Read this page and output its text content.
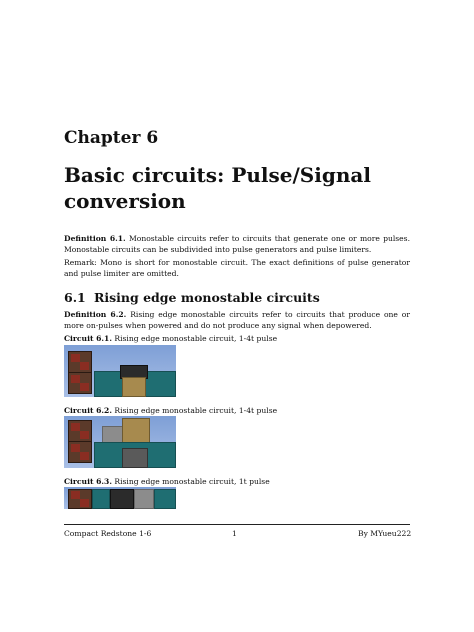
Chapter 6
Basic circuits: Pulse/Signal conversion
Definition 6.1. Monostable circuits refer to circuits that generate one or more pulses. Monostable circuits can be subdivided into pulse generators and pulse limiters.
Remark: Mono is short for monostable circuit. The exact definitions of pulse generator and pulse limiter are omitted.
6.1 Rising edge monostable circuits
Definition 6.2. Rising edge monostable circuits refer to circuits that produce one or more on-pulses when powered and do not produce any signal when depowered.
Circuit 6.1. Rising edge monostable circuit, 1-4t pulse
Circuit 6.2. Rising edge monostable circuit, 1-4t pulse
Circuit 6.3. Rising edge monostable circuit, 1t pulse
Compact Redstone 1-6	1	By MYueu222
